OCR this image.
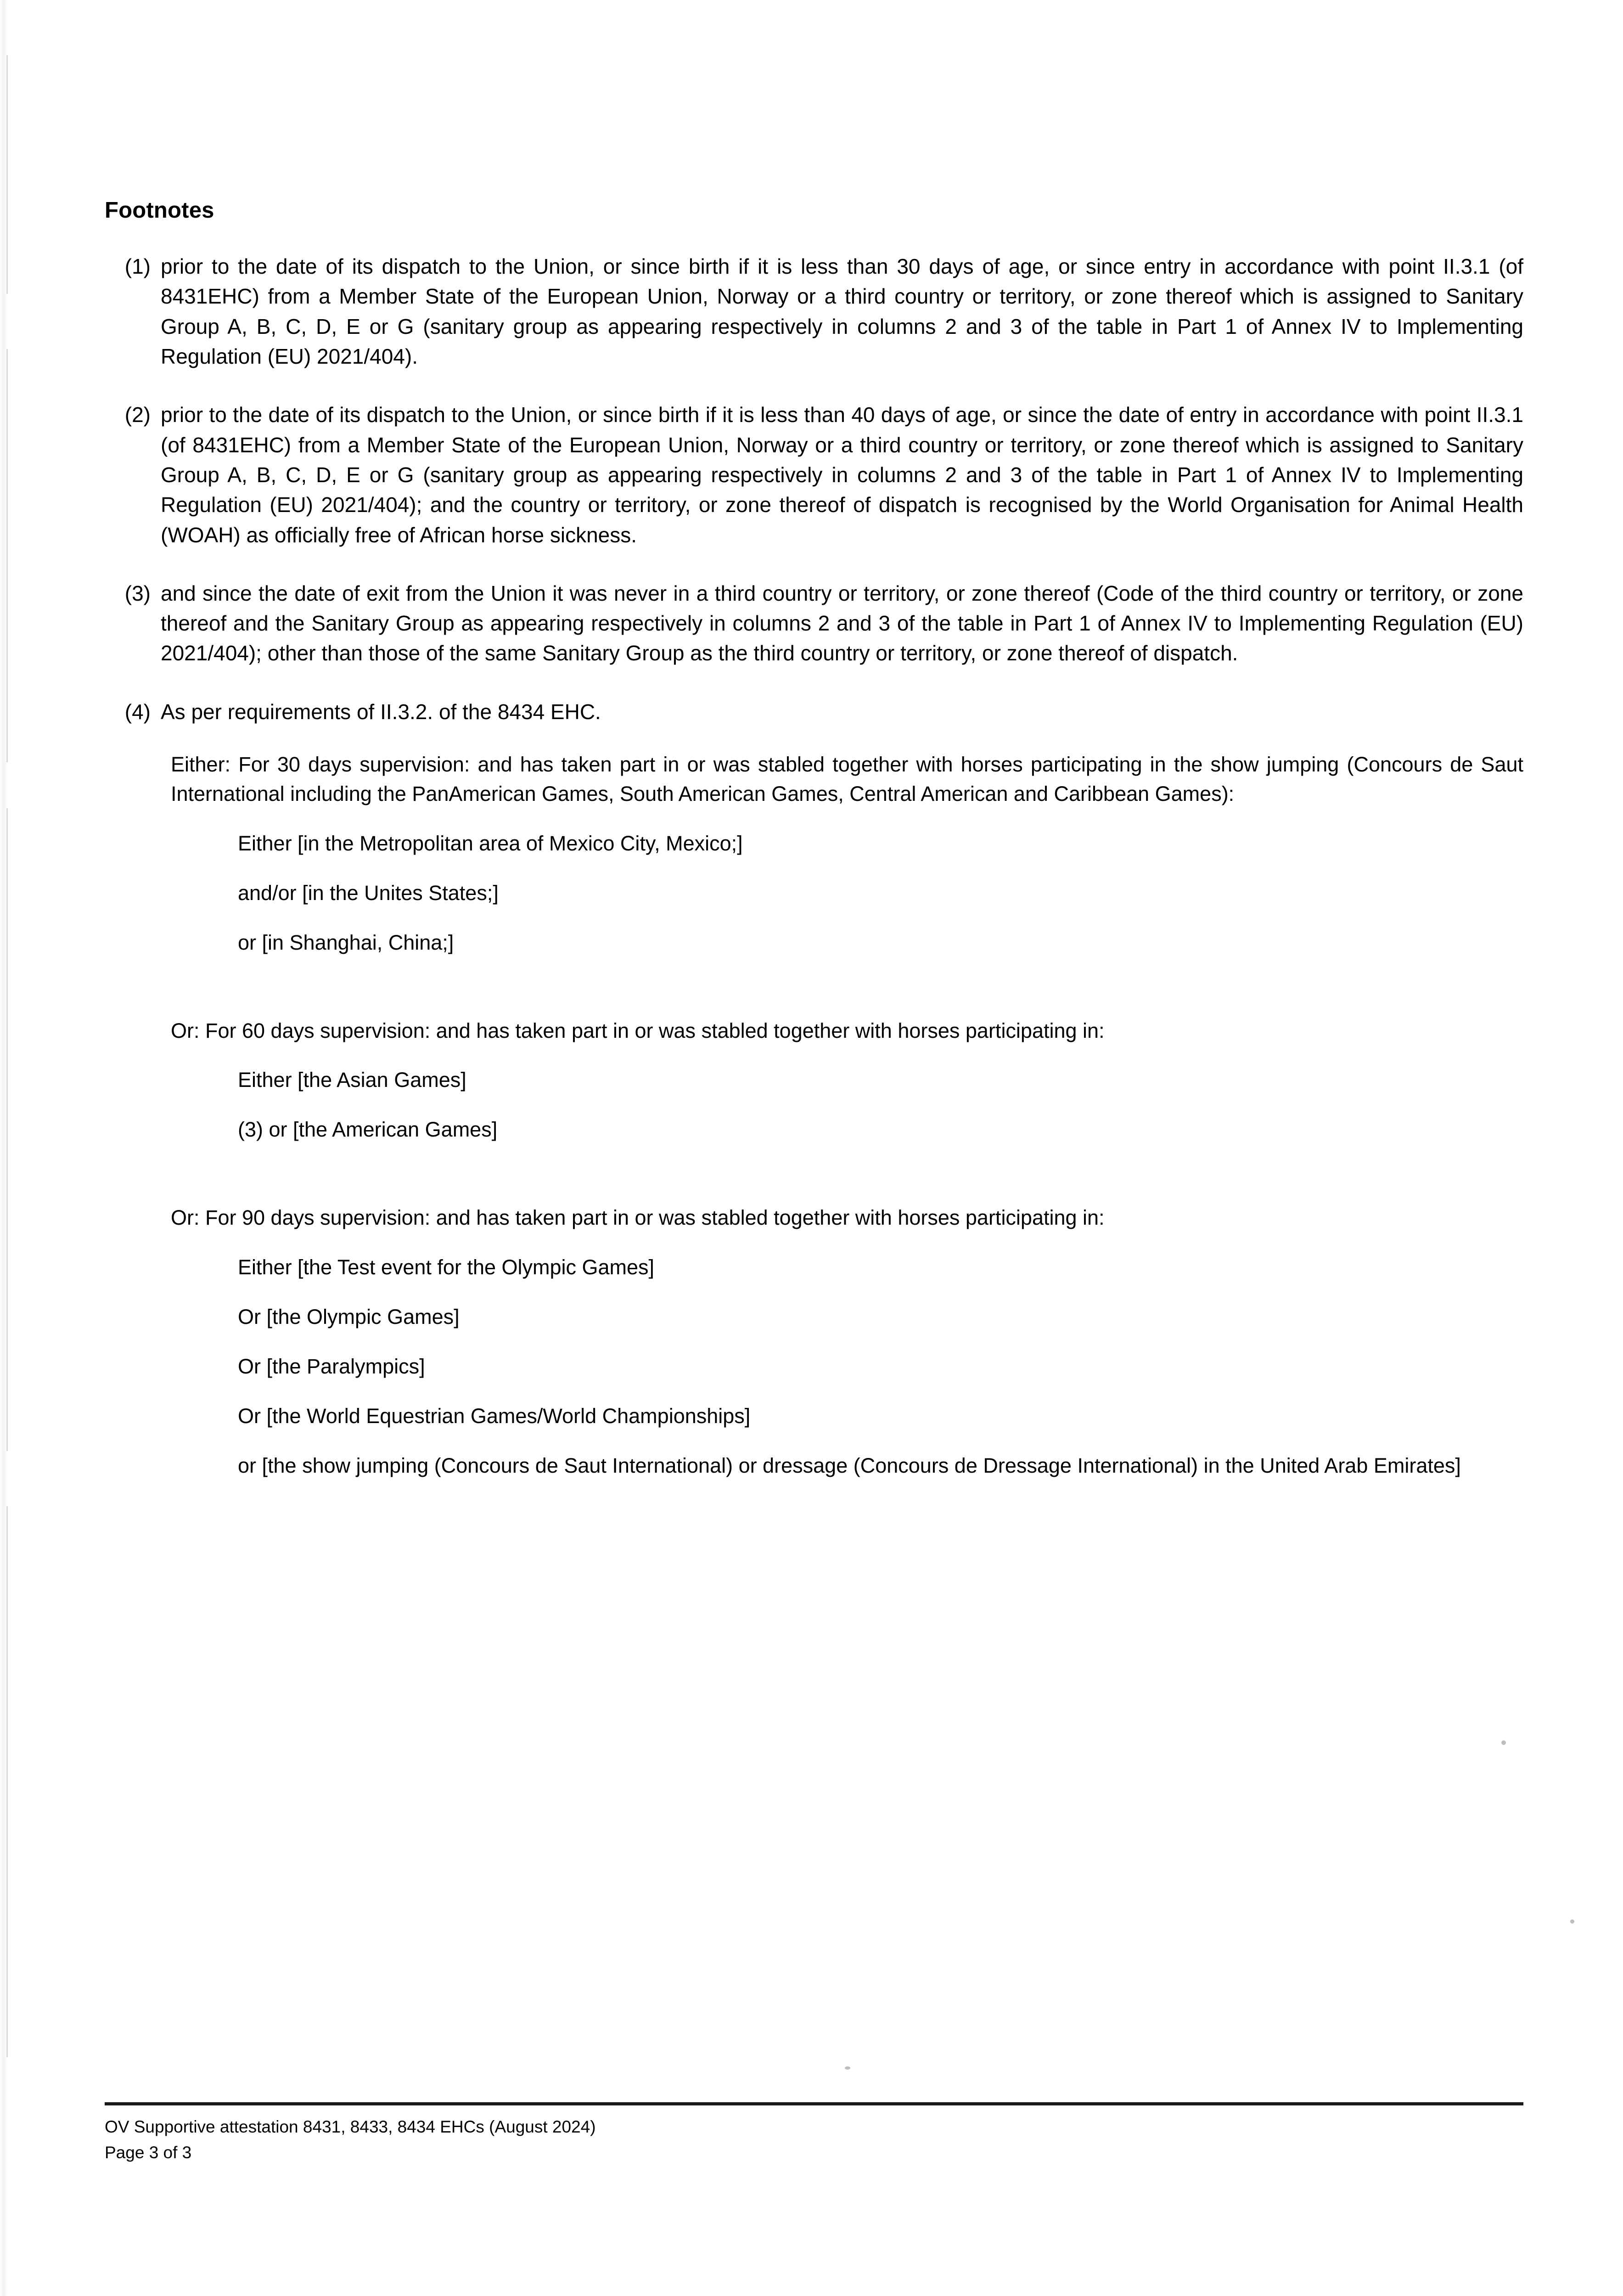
Footnotes
(1) prior to the date of its dispatch to the Union, or since birth if it is less than 30 days of age, or since entry in accordance with point II.3.1 (of 8431EHC) from a Member State of the European Union, Norway or a third country or territory, or zone thereof which is assigned to Sanitary Group A, B, C, D, E or G (sanitary group as appearing respectively in columns 2 and 3 of the table in Part 1 of Annex IV to Implementing Regulation (EU) 2021/404).
(2) prior to the date of its dispatch to the Union, or since birth if it is less than 40 days of age, or since the date of entry in accordance with point II.3.1 (of 8431EHC) from a Member State of the European Union, Norway or a third country or territory, or zone thereof which is assigned to Sanitary Group A, B, C, D, E or G (sanitary group as appearing respectively in columns 2 and 3 of the table in Part 1 of Annex IV to Implementing Regulation (EU) 2021/404); and the country or territory, or zone thereof of dispatch is recognised by the World Organisation for Animal Health (WOAH) as officially free of African horse sickness.
(3) and since the date of exit from the Union it was never in a third country or territory, or zone thereof (Code of the third country or territory, or zone thereof and the Sanitary Group as appearing respectively in columns 2 and 3 of the table in Part 1 of Annex IV to Implementing Regulation (EU) 2021/404); other than those of the same Sanitary Group as the third country or territory, or zone thereof of dispatch.
(4) As per requirements of II.3.2. of the 8434 EHC.
Either: For 30 days supervision: and has taken part in or was stabled together with horses participating in the show jumping (Concours de Saut International including the PanAmerican Games, South American Games, Central American and Caribbean Games):
Either [in the Metropolitan area of Mexico City, Mexico;]
and/or [in the Unites States;]
or [in Shanghai, China;]
Or: For 60 days supervision: and has taken part in or was stabled together with horses participating in:
Either [the Asian Games]
(3) or [the American Games]
Or: For 90 days supervision: and has taken part in or was stabled together with horses participating in:
Either [the Test event for the Olympic Games]
Or [the Olympic Games]
Or [the Paralympics]
Or [the World Equestrian Games/World Championships]
or [the show jumping (Concours de Saut International) or dressage (Concours de Dressage International) in the United Arab Emirates]
OV Supportive attestation 8431, 8433, 8434 EHCs (August 2024)
Page 3 of 3
